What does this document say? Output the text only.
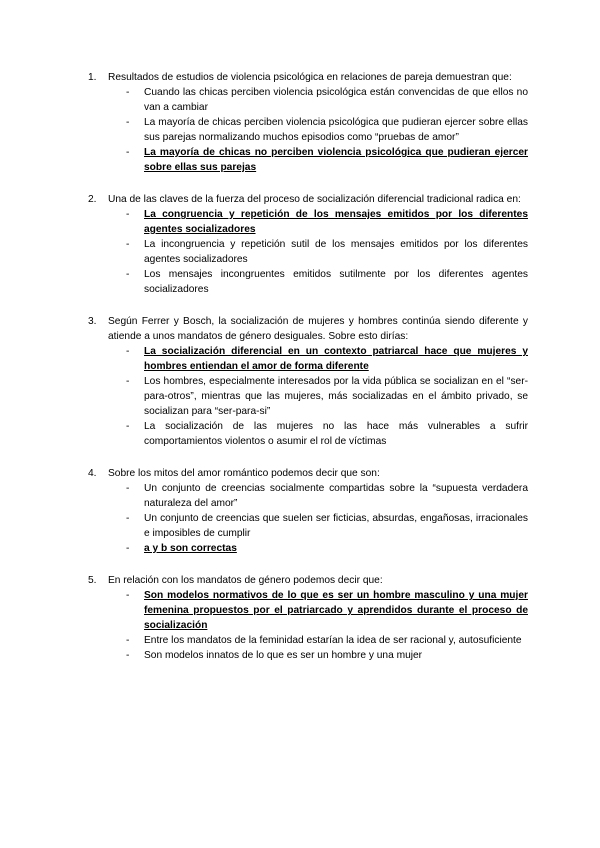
1. Resultados de estudios de violencia psicológica en relaciones de pareja demuestran que:
- Cuando las chicas perciben violencia psicológica están convencidas de que ellos no van a cambiar
- La mayoría de chicas perciben violencia psicológica que pudieran ejercer sobre ellas sus parejas normalizando muchos episodios como “pruebas de amor”
- La mayoría de chicas no perciben violencia psicológica que pudieran ejercer sobre ellas sus parejas
2. Una de las claves de la fuerza del proceso de socialización diferencial tradicional radica en:
- La congruencia y repetición de los mensajes emitidos por los diferentes agentes socializadores
- La incongruencia y repetición sutil de los mensajes emitidos por los diferentes agentes socializadores
- Los mensajes incongruentes emitidos sutilmente por los diferentes agentes socializadores
3. Según Ferrer y Bosch, la socialización de mujeres y hombres continúa siendo diferente y atiende a unos mandatos de género desiguales. Sobre esto dirías:
- La socialización diferencial en un contexto patriarcal hace que mujeres y hombres entiendan el amor de forma diferente
- Los hombres, especialmente interesados por la vida pública se socializan en el “ser-para-otros”, mientras que las mujeres, más socializadas en el ámbito privado, se socializan para “ser-para-si”
- La socialización de las mujeres no las hace más vulnerables a sufrir comportamientos violentos o asumir el rol de víctimas
4. Sobre los mitos del amor romántico podemos decir que son:
- Un conjunto de creencias socialmente compartidas sobre la “supuesta verdadera naturaleza del amor”
- Un conjunto de creencias que suelen ser ficticias, absurdas, engañosas, irracionales e imposibles de cumplir
- a y b son correctas
5. En relación con los mandatos de género podemos decir que:
- Son modelos normativos de lo que es ser un hombre masculino y una mujer femenina propuestos por el patriarcado y aprendidos durante el proceso de socialización
- Entre los mandatos de la feminidad estarían la idea de ser racional y, autosuficiente
- Son modelos innatos de lo que es ser un hombre y una mujer
